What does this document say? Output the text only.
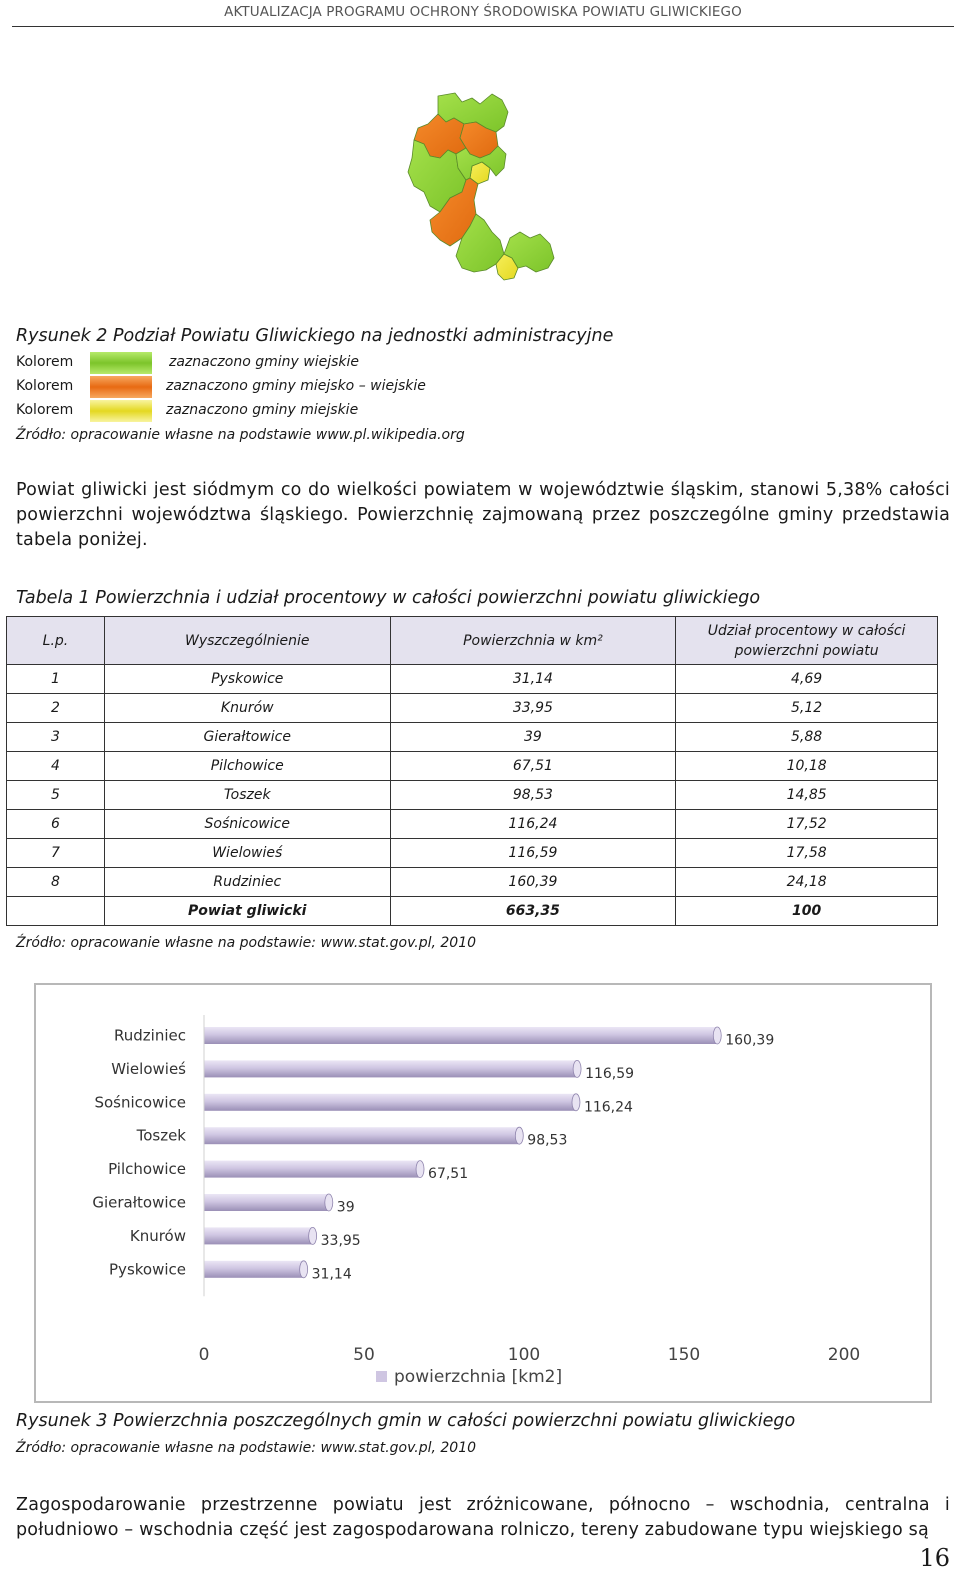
AKTUALIZACJA PROGRAMU OCHRONY ŚRODOWISKA POWIATU GLIWICKIEGO
Rysunek 2 Podział Powiatu Gliwickiego na jednostki administracyjne
Kolorem	zaznaczono gminy wiejskie
Kolorem	zaznaczono gminy miejsko – wiejskie
Kolorem	zaznaczono gminy miejskie
Źródło: opracowanie własne na podstawie www.pl.wikipedia.org
Powiat gliwicki jest siódmym co do wielkości powiatem w województwie śląskim, stanowi 5,38% całości powierzchni województwa śląskiego. Powierzchnię zajmowaną przez poszczególne gminy przedstawia tabela poniżej.
Tabela 1 Powierzchnia i udział procentowy w całości powierzchni powiatu gliwickiego
L.p.	Wyszczególnienie	Powierzchnia w km²	Udział procentowy w całości powierzchni powiatu
1	Pyskowice	31,14	4,69
2	Knurów	33,95	5,12
3	Gierałtowice	39	5,88
4	Pilchowice	67,51	10,18
5	Toszek	98,53	14,85
6	Sośnicowice	116,24	17,52
7	Wielowieś	116,59	17,58
8	Rudziniec	160,39	24,18
	Powiat gliwicki	663,35	100
Źródło: opracowanie własne na podstawie: www.stat.gov.pl, 2010
Rudziniec	160,39
Wielowieś	116,59
Sośnicowice	116,24
Toszek	98,53
Pilchowice	67,51
Gierałtowice	39
Knurów	33,95
Pyskowice	31,14
0	50	100	150	200
powierzchnia [km2]
Rysunek 3 Powierzchnia poszczególnych gmin w całości powierzchni powiatu gliwickiego
Źródło: opracowanie własne na podstawie: www.stat.gov.pl, 2010
Zagospodarowanie przestrzenne powiatu jest zróżnicowane, północno – wschodnia, centralna i południowo – wschodnia część jest zagospodarowana rolniczo, tereny zabudowane typu wiejskiego są
16
